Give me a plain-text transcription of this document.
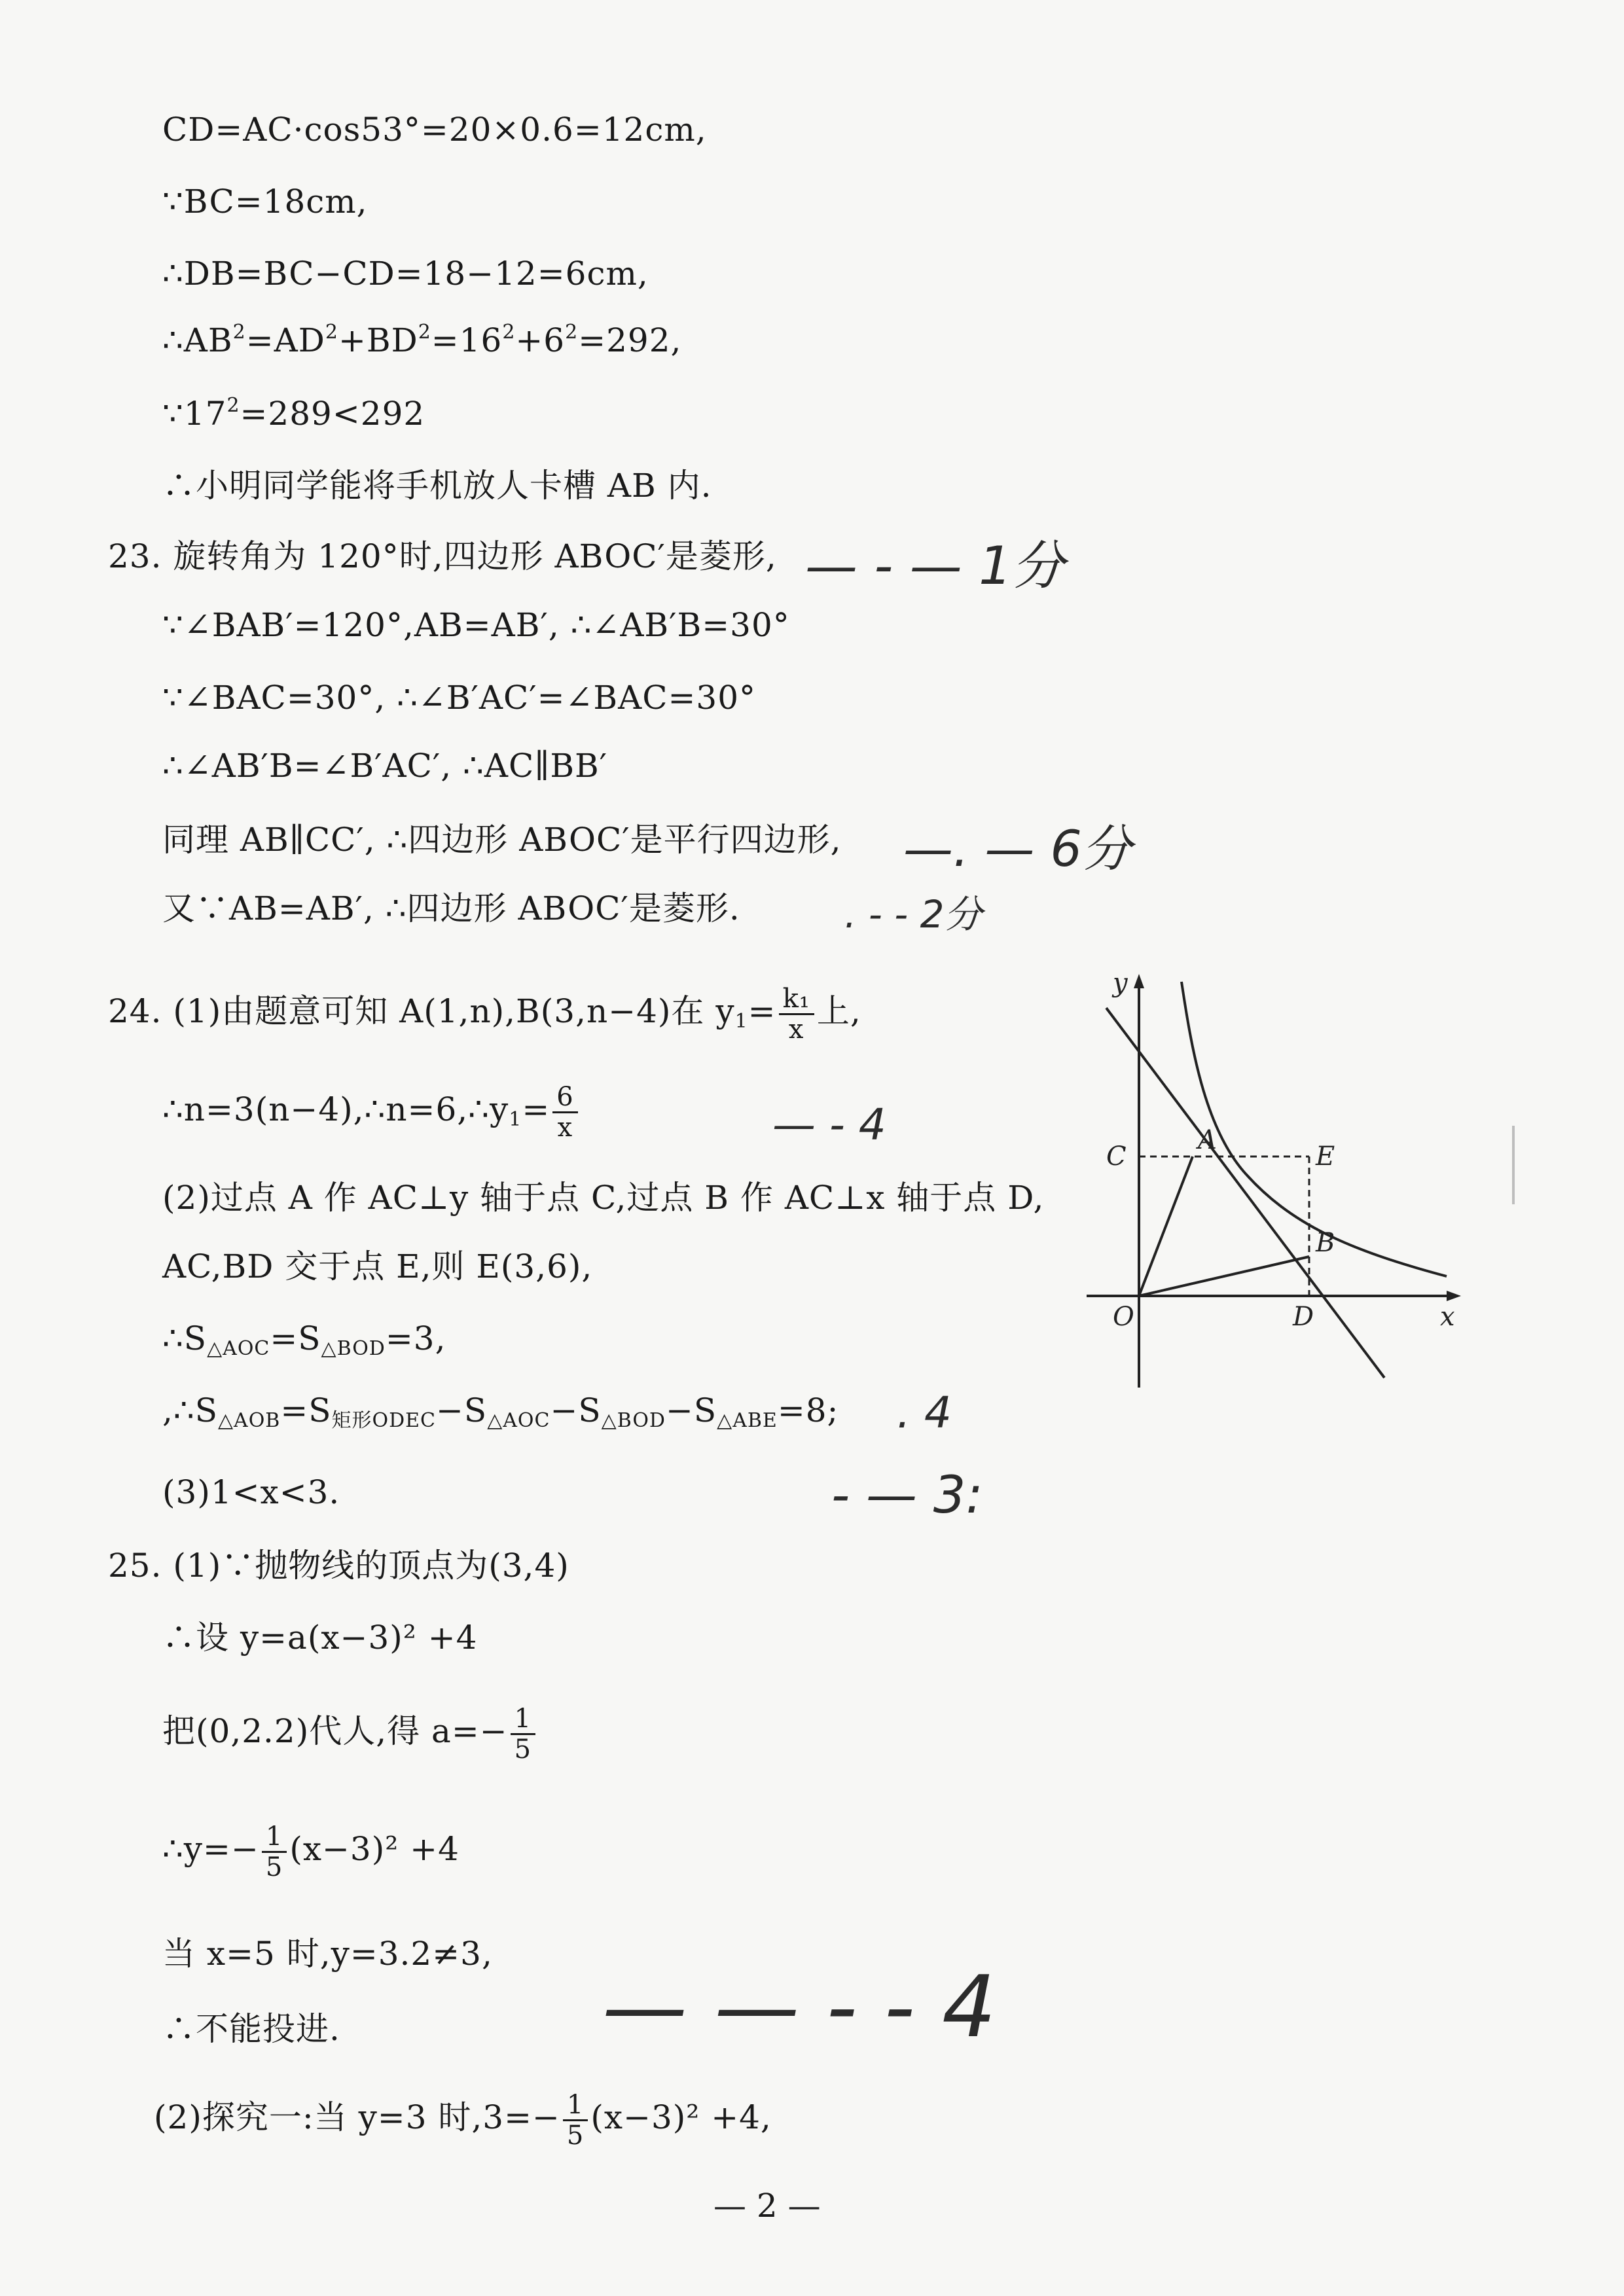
CD=AC·cos53°=20×0.6=12cm,
∵BC=18cm,
∴DB=BC−CD=18−12=6cm,
$\therefore AB^2=AD^2+BD^2=16^2+6^2=292$,
$\because 17^2=289<292$
∴小明同学能将手机放人卡槽 AB 内.
23. 旋转角为 120°时,四边形 ABOC′是菱形, — - — 1分
∵∠BAB′=120°,AB=AB′, ∴∠AB′B=30°
∵∠BAC=30°, ∴∠B′AC′=∠BAC=30°
∴∠AB′B=∠B′AC′, ∴AC∥BB′
同理 AB∥CC′, ∴四边形 ABOC′是平行四边形, —. — 6分
又∵AB=AB′, ∴四边形 ABOC′是菱形.	. - - 2分
24. (1)由题意可知 A(1,n),B(3,n−4)在 $y_1= \frac{\text{k₁}}{x}$ 上,
$\therefore n=3(n-4),\therefore n=6,\therefore y_1= \frac{6}{x}$	— - 4
(2)过点 A 作 AC⊥y 轴于点 C,过点 B 作 AC⊥x 轴于点 D,
AC,BD 交于点 E,则 E(3,6),
$\therefore S_{\triangle AOC}=S_{\triangle BOD}=3$,
$,\therefore S_{\triangle AOB}=S_{矩形ODEC}-S_{\triangle AOC}-S_{\triangle BOD}-S_{\triangle ABE}=8$; . 4
(3)1<x<3.	- — 3:
y
x
O
C
A
E
B
D
25. (1)∵抛物线的顶点为(3,4)
∴设 y=a(x−3)² +4
把(0,2.2)代人,得 $a=- \frac{1}{5}$
∴y=− $\frac{1}{5} (x-3)^2 +4$
当 x=5 时,y=3.2≠3,
∴不能投进.	— — - - 4
(2)探究一:当 y=3 时$,3=- \frac{1}{5} (x-3)^2 +4$,
— 2 —
